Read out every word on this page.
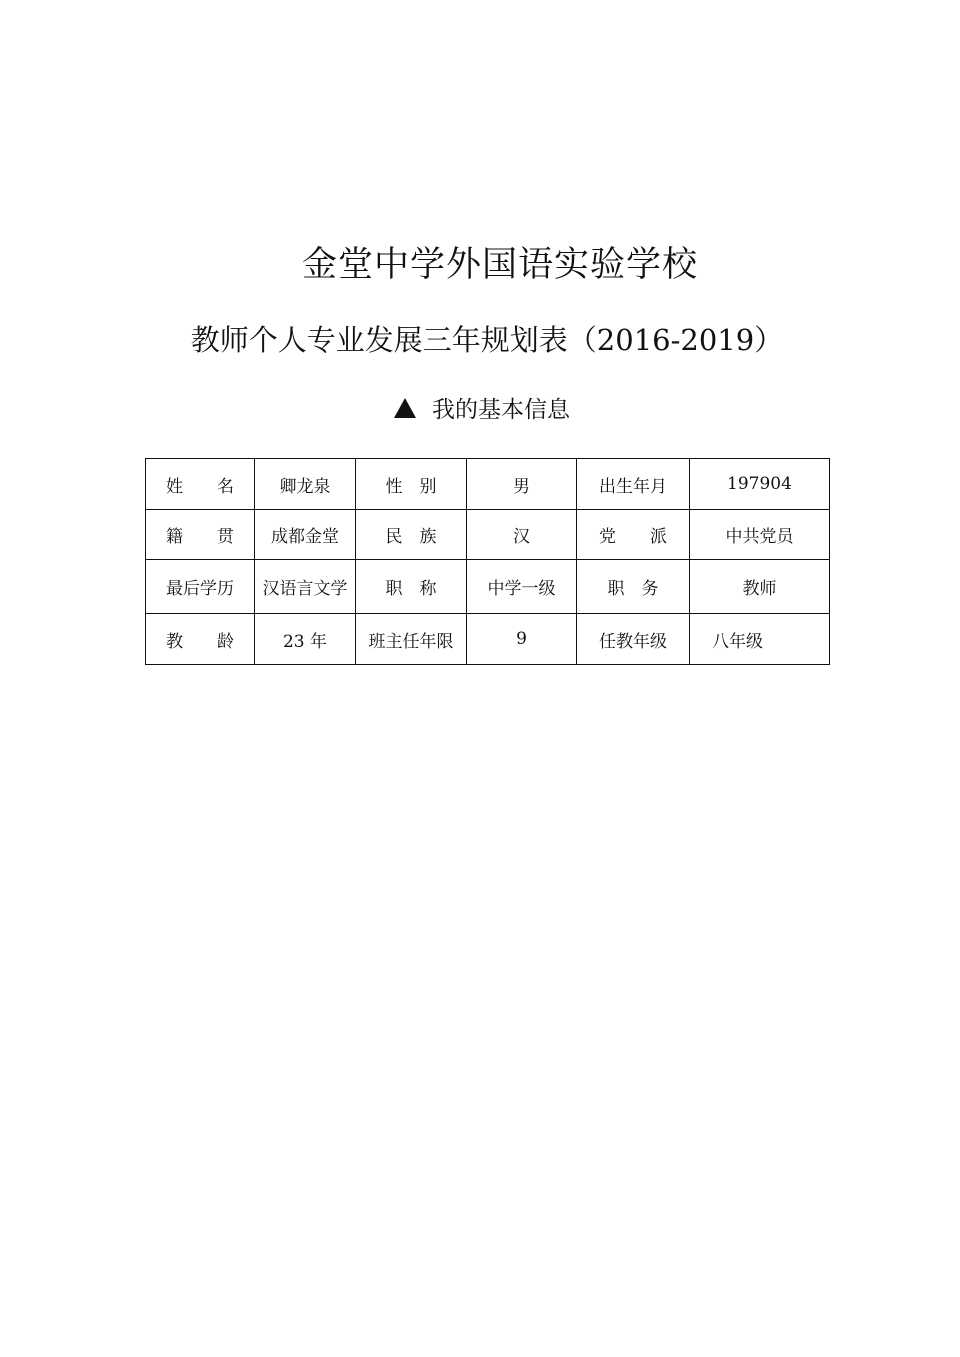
金堂中学外国语实验学校
教师个人专业发展三年规划表（2016-2019）
我的基本信息
姓　　名	卿龙泉	性　别	男	出生年月	197904
籍　　贯	成都金堂	民　族	汉	党　　派	中共党员
最后学历	汉语言文学	职　称	中学一级	职　务	教师
教　　龄	23 年	班主任年限	9	任教年级	八年级
